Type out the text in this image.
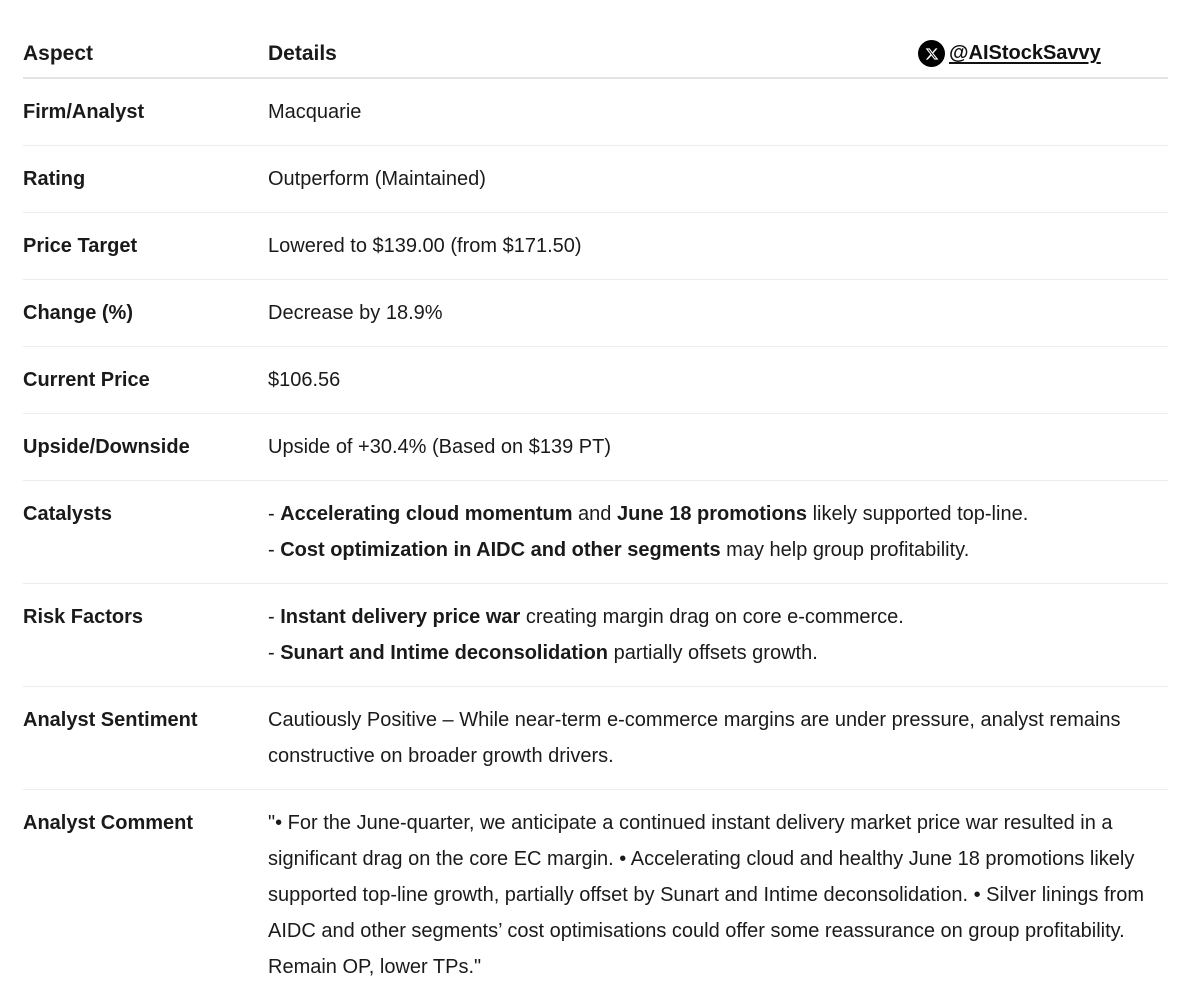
Aspect	Details	@AIStockSavvy
Firm/Analyst	Macquarie
Rating	Outperform (Maintained)
Price Target	Lowered to $139.00 (from $171.50)
Change (%)	Decrease by 18.9%
Current Price	$106.56
Upside/Downside	Upside of +30.4% (Based on $139 PT)
Catalysts	- Accelerating cloud momentum and June 18 promotions likely supported top-line.
- Cost optimization in AIDC and other segments may help group profitability.
Risk Factors	- Instant delivery price war creating margin drag on core e-commerce.
- Sunart and Intime deconsolidation partially offsets growth.
Analyst Sentiment	Cautiously Positive – While near-term e-commerce margins are under pressure, analyst remains constructive on broader growth drivers.
Analyst Comment	"• For the June-quarter, we anticipate a continued instant delivery market price war resulted in a significant drag on the core EC margin. • Accelerating cloud and healthy June 18 promotions likely supported top-line growth, partially offset by Sunart and Intime deconsolidation. • Silver linings from AIDC and other segments’ cost optimisations could offer some reassurance on group profitability. Remain OP, lower TPs."
